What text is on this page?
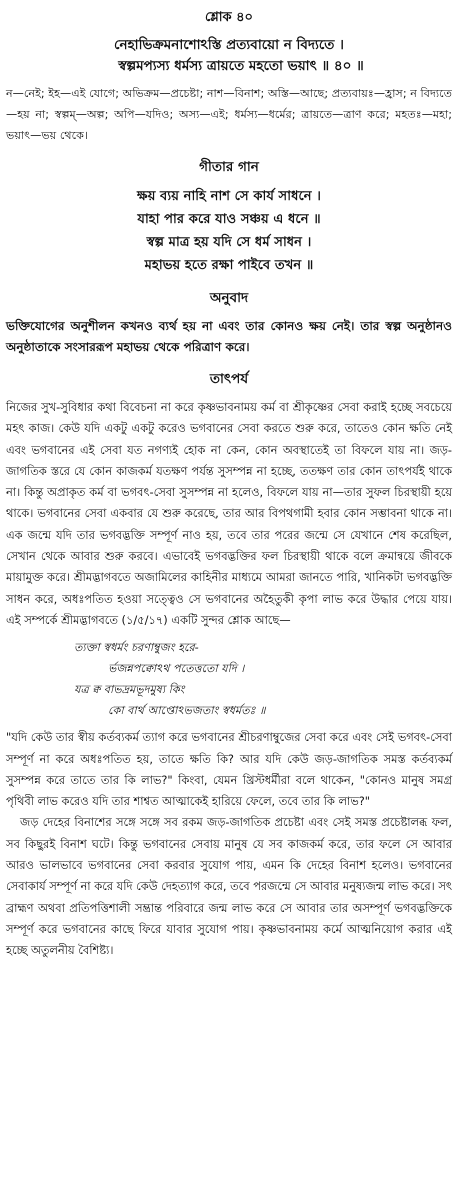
শ্লোক ৪০
নেহাভিক্রমনাশোঽস্তি প্রত্যবায়ো ন বিদ্যতে ।
স্বল্পমপ্যস্য ধর্মস্য ত্রায়তে মহতো ভয়াৎ ॥ ৪০ ॥
ন—নেই; ইহ—এই যোগে; অভিক্রম—প্রচেষ্টা; নাশ—বিনাশ; অস্তি—আছে; প্রত্যবায়ঃ—হ্রাস; ন বিদ্যতে—হয় না; স্বল্পম্—অল্প; অপি—যদিও; অস্য—এই; ধর্মস্য—ধর্মের; ত্রায়তে—ত্রাণ করে; মহতঃ—মহা; ভয়াৎ—ভয় থেকে।
গীতার গান
ক্ষয় ব্যয় নাহি নাশ সে কার্য সাধনে ।
যাহা পার করে যাও সঞ্চয় এ ধনে ॥
স্বল্প মাত্র হয় যদি সে ধর্ম সাধন ।
মহাভয় হতে রক্ষা পাইবে তখন ॥
অনুবাদ
ভক্তিযোগের অনুশীলন কখনও ব্যর্থ হয় না এবং তার কোনও ক্ষয় নেই। তার স্বল্প অনুষ্ঠানও অনুষ্ঠাতাকে সংসাররূপ মহাভয় থেকে পরিত্রাণ করে।
তাৎপর্য

নিজের সুখ-সুবিধার কথা বিবেচনা না করে কৃষ্ণভাবনাময় কর্ম বা শ্রীকৃষ্ণের সেবা করাই হচ্ছে সবচেয়ে মহৎ কাজ। কেউ যদি একটু একটু করেও ভগবানের সেবা করতে শুরু করে, তাতেও কোন ক্ষতি নেই এবং ভগবানের এই সেবা যত নগণ্যই হোক না কেন, কোন অবস্থাতেই তা বিফলে যায় না। জড়-জাগতিক স্তরে যে কোন কাজকর্ম যতক্ষণ পর্যন্ত সুসম্পন্ন না হচ্ছে, ততক্ষণ তার কোন তাৎপর্যই থাকে না। কিন্তু অপ্রাকৃত কর্ম বা ভগবৎ-সেবা সুসম্পন্ন না হলেও, বিফলে যায় না—তার সুফল চিরস্থায়ী হয়ে থাকে। ভগবানের সেবা একবার যে শুরু করেছে, তার আর বিপথগামী হবার কোন সম্ভাবনা থাকে না। এক জন্মে যদি তার ভগবদ্ভক্তি সম্পূর্ণ নাও হয়, তবে তার পরের জন্মে সে যেখানে শেষ করেছিল, সেখান থেকে আবার শুরু করবে। এভাবেই ভগবদ্ভক্তির ফল চিরস্থায়ী থাকে বলে ক্রমান্বয়ে জীবকে মায়ামুক্ত করে। শ্রীমদ্ভাগবতে অজামিলের কাহিনীর মাধ্যমে আমরা জানতে পারি, খানিকটা ভগবদ্ভক্তি সাধন করে, অধঃপতিত হওয়া সত্ত্বেও সে ভগবানের অহৈতুকী কৃপা লাভ করে উদ্ধার পেয়ে যায়। এই সম্পর্কে শ্রীমদ্ভাগবতে (১/৫/১৭) একটি সুন্দর শ্লোক আছে—

ত্যক্তা স্বধর্মং চরণাম্বুজং হরে-
র্ভজন্নপক্বোঽথ পতেত্ততো যদি ।
যত্র ক্ব বাভদ্রমভূদমুষ্য কিং
কো বার্থ আপ্তোঽভজতাং স্বধর্মতঃ ॥

"যদি কেউ তার স্বীয় কর্তব্যকর্ম ত্যাগ করে ভগবানের শ্রীচরণাম্বুজের সেবা করে এবং সেই ভগবৎ-সেবা সম্পূর্ণ না করে অধঃপতিত হয়, তাতে ক্ষতি কি? আর যদি কেউ জড়-জাগতিক সমস্ত কর্তব্যকর্ম সুসম্পন্ন করে তাতে তার কি লাভ?" কিংবা, যেমন খ্রিস্টধর্মীরা বলে থাকেন, "কোনও মানুষ সমগ্র পৃথিবী লাভ করেও যদি তার শাশ্বত আত্মাকেই হারিয়ে ফেলে, তবে তার কি লাভ?"

জড় দেহের বিনাশের সঙ্গে সঙ্গে সব রকম জড়-জাগতিক প্রচেষ্টা এবং সেই সমস্ত প্রচেষ্টালব্ধ ফল, সব কিছুরই বিনাশ ঘটে। কিন্তু ভগবানের সেবায় মানুষ যে সব কাজকর্ম করে, তার ফলে সে আবার আরও ভালভাবে ভগবানের সেবা করবার সুযোগ পায়, এমন কি দেহের বিনাশ হলেও। ভগবানের সেবাকার্য সম্পূর্ণ না করে যদি কেউ দেহত্যাগ করে, তবে পরজন্মে সে আবার মনুষ্যজন্ম লাভ করে। সৎ ব্রাহ্মণ অথবা প্রতিপত্তিশালী সম্ভ্রান্ত পরিবারে জন্ম লাভ করে সে আবার তার অসম্পূর্ণ ভগবদ্ভক্তিকে সম্পূর্ণ করে ভগবানের কাছে ফিরে যাবার সুযোগ পায়। কৃষ্ণভাবনাময় কর্মে আত্মনিয়োগ করার এই হচ্ছে অতুলনীয় বৈশিষ্ট্য।
